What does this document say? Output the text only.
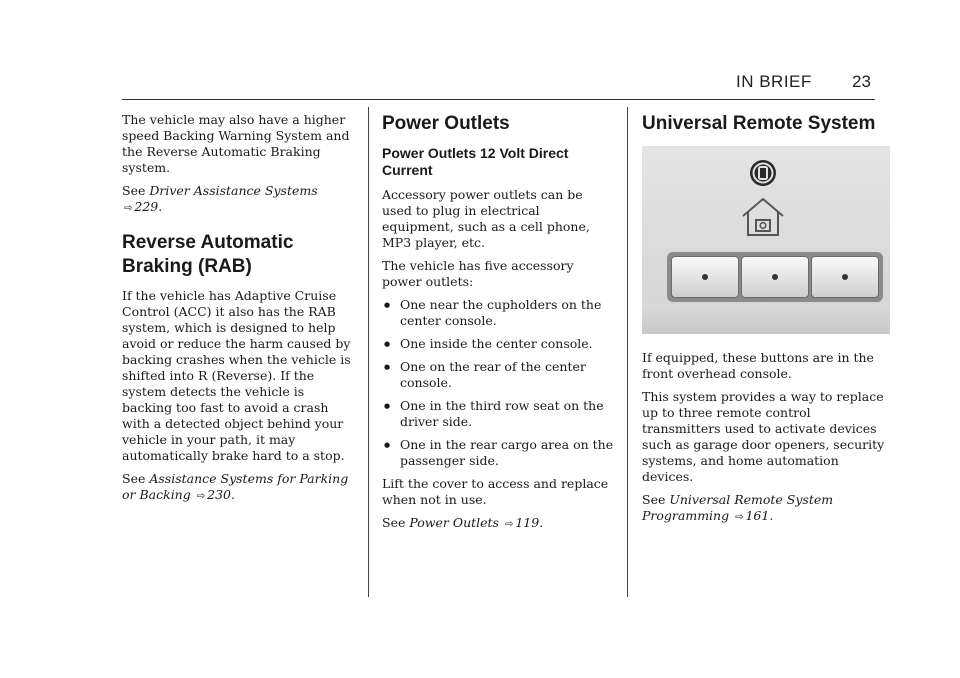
IN BRIEF 23

The vehicle may also have a higher speed Backing Warning System and the Reverse Automatic Braking system.

See Driver Assistance Systems ⇨ 229.

Reverse Automatic Braking (RAB)

If the vehicle has Adaptive Cruise Control (ACC) it also has the RAB system, which is designed to help avoid or reduce the harm caused by backing crashes when the vehicle is shifted into R (Reverse). If the system detects the vehicle is backing too fast to avoid a crash with a detected object behind your vehicle in your path, it may automatically brake hard to a stop.

See Assistance Systems for Parking or Backing ⇨ 230.

Power Outlets
Power Outlets 12 Volt Direct Current

Accessory power outlets can be used to plug in electrical equipment, such as a cell phone, MP3 player, etc.

The vehicle has five accessory power outlets:

● One near the cupholders on the center console.
● One inside the center console.
● One on the rear of the center console.
● One in the third row seat on the driver side.
● One in the rear cargo area on the passenger side.

Lift the cover to access and replace when not in use.

See Power Outlets ⇨ 119.

Universal Remote System

If equipped, these buttons are in the front overhead console.

This system provides a way to replace up to three remote control transmitters used to activate devices such as garage door openers, security systems, and home automation devices.

See Universal Remote System Programming ⇨ 161.
